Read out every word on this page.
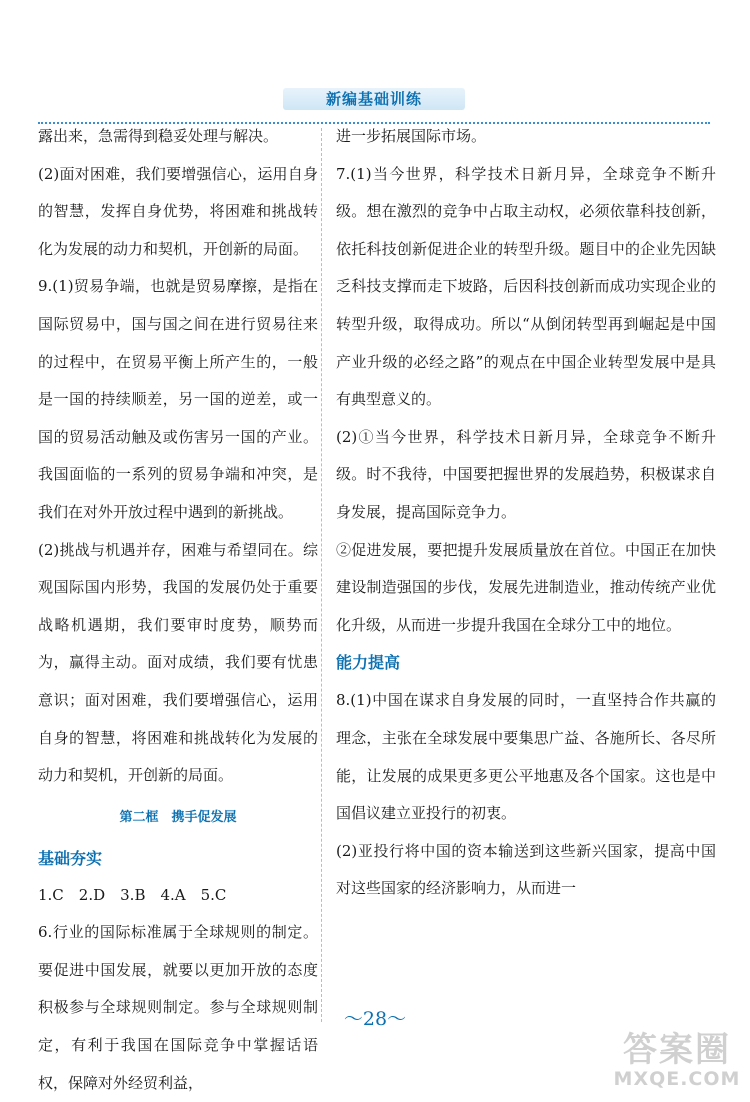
新编基础训练

露出来，急需得到稳妥处理与解决。

(2)面对困难，我们要增强信心，运用自身的智慧，发挥自身优势，将困难和挑战转化为发展的动力和契机，开创新的局面。

9.(1)贸易争端，也就是贸易摩擦，是指在国际贸易中，国与国之间在进行贸易往来的过程中，在贸易平衡上所产生的，一般是一国的持续顺差，另一国的逆差，或一国的贸易活动触及或伤害另一国的产业。我国面临的一系列的贸易争端和冲突，是我们在对外开放过程中遇到的新挑战。

(2)挑战与机遇并存，困难与希望同在。综观国际国内形势，我国的发展仍处于重要战略机遇期，我们要审时度势，顺势而为，赢得主动。面对成绩，我们要有忧患意识；面对困难，我们要增强信心，运用自身的智慧，将困难和挑战转化为发展的动力和契机，开创新的局面。

第二框　携手促发展

基础夯实

1.C　2.D　3.B　4.A　5.C

6.行业的国际标准属于全球规则的制定。要促进中国发展，就要以更加开放的态度积极参与全球规则制定。参与全球规则制定，有利于我国在国际竞争中掌握话语权，保障对外经贸利益，

进一步拓展国际市场。

7.(1)当今世界，科学技术日新月异，全球竞争不断升级。想在激烈的竞争中占取主动权，必须依靠科技创新，依托科技创新促进企业的转型升级。题目中的企业先因缺乏科技支撑而走下坡路，后因科技创新而成功实现企业的转型升级，取得成功。所以“从倒闭转型再到崛起是中国产业升级的必经之路”的观点在中国企业转型发展中是具有典型意义的。

(2)①当今世界，科学技术日新月异，全球竞争不断升级。时不我待，中国要把握世界的发展趋势，积极谋求自身发展，提高国际竞争力。

②促进发展，要把提升发展质量放在首位。中国正在加快建设制造强国的步伐，发展先进制造业，推动传统产业优化升级，从而进一步提升我国在全球分工中的地位。

能力提高

8.(1)中国在谋求自身发展的同时，一直坚持合作共赢的理念，主张在全球发展中要集思广益、各施所长、各尽所能，让发展的成果更多更公平地惠及各个国家。这也是中国倡议建立亚投行的初衷。

(2)亚投行将中国的资本输送到这些新兴国家，提高中国对这些国家的经济影响力，从而进一

～28～
答案圈
MXQE.COM
